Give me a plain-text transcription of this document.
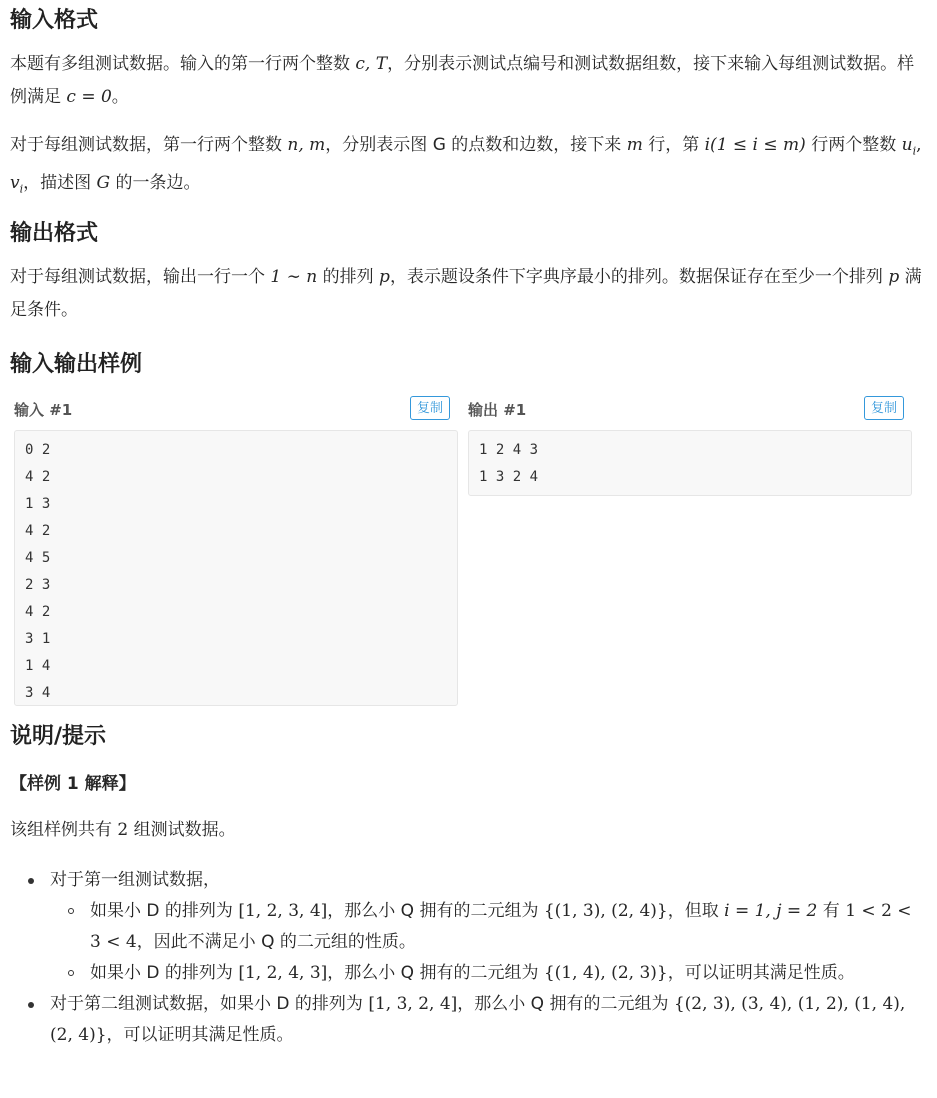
输入格式

本题有多组测试数据。输入的第一行两个整数 c, T，分别表示测试点编号和测试数据组数，接下来输入每组测试数据。样例满足 c = 0。

对于每组测试数据，第一行两个整数 n, m，分别表示图 G 的点数和边数，接下来 m 行，第 i(1 ≤ i ≤ m) 行两个整数 $u_i$, $v_i$，描述图 G 的一条边。

输出格式

对于每组测试数据，输出一行一个 1 ∼ n 的排列 p，表示题设条件下字典序最小的排列。数据保证存在至少一个排列 p 满足条件。

输入输出样例
输入 #1	复制	输出 #1	复制
0 2
4 2
1 3
4 2
4 5
2 3
4 2
3 1
1 4
3 4
1 2 4 3
1 3 2 4
说明/提示
【样例 1 解释】

该组样例共有 2 组测试数据。

对于第一组测试数据，
如果小 D 的排列为 [1, 2, 3, 4]，那么小 Q 拥有的二元组为 {(1, 3), (2, 4)}，但取 i = 1, j = 2 有 1 < 2 < 3 < 4，因此不满足小 Q 的二元组的性质。
如果小 D 的排列为 [1, 2, 4, 3]，那么小 Q 拥有的二元组为 {(1, 4), (2, 3)}，可以证明其满足性质。
对于第二组测试数据，如果小 D 的排列为 [1, 3, 2, 4]，那么小 Q 拥有的二元组为 {(2, 3), (3, 4), (1, 2), (1, 4), (2, 4)}，可以证明其满足性质。
